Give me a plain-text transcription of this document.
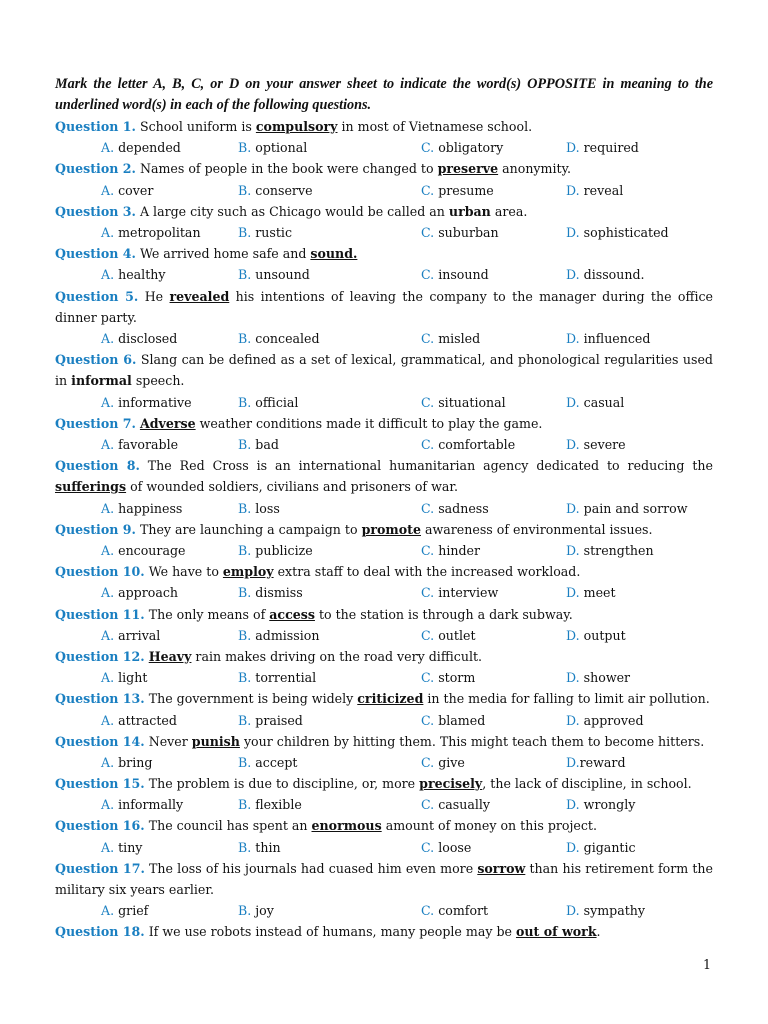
Mark the letter A, B, C, or D on your answer sheet to indicate the word(s) OPPOSITE in meaning to the underlined word(s) in each of the following questions.
Question 1. School uniform is compulsory in most of Vietnamese school.
A. depended	B. optional	C. obligatory	D. required
Question 2. Names of people in the book were changed to preserve anonymity.
A. cover	B. conserve	C. presume	D. reveal
Question 3. A large city such as Chicago would be called an urban area.
A. metropolitan	B. rustic	C. suburban	D. sophisticated
Question 4. We arrived home safe and sound.
A. healthy	B. unsound	C. insound	D. dissound.
Question 5. He revealed his intentions of leaving the company to the manager during the office dinner party.
A. disclosed	B. concealed	C. misled	D. influenced
Question 6. Slang can be defined as a set of lexical, grammatical, and phonological regularities used in informal speech.
A. informative	B. official	C. situational	D. casual
Question 7. Adverse weather conditions made it difficult to play the game.
A. favorable	B. bad	C. comfortable	D. severe
Question 8. The Red Cross is an international humanitarian agency dedicated to reducing the sufferings of wounded soldiers, civilians and prisoners of war.
A. happiness	B. loss	C. sadness	D. pain and sorrow
Question 9. They are launching a campaign to promote awareness of environmental issues.
A. encourage	B. publicize	C. hinder	D. strengthen
Question 10. We have to employ extra staff to deal with the increased workload.
A. approach	B. dismiss	C. interview	D. meet
Question 11. The only means of access to the station is through a dark subway.
A. arrival	B. admission	C. outlet	D. output
Question 12. Heavy rain makes driving on the road very difficult.
A. light	B. torrential	C. storm	D. shower
Question 13. The government is being widely criticized in the media for falling to limit air pollution.
A. attracted	B. praised	C. blamed	D. approved
Question 14. Never punish your children by hitting them. This might teach them to become hitters.
A. bring	B. accept	C. give	D.reward
Question 15. The problem is due to discipline, or, more precisely, the lack of discipline, in school.
A. informally	B. flexible	C. casually	D. wrongly
Question 16. The council has spent an enormous amount of money on this project.
A. tiny	B. thin	C. loose	D. gigantic
Question 17. The loss of his journals had cuased him even more sorrow than his retirement form the military six years earlier.
A. grief	B. joy	C. comfort	D. sympathy
Question 18. If we use robots instead of humans, many people may be out of work.
1
